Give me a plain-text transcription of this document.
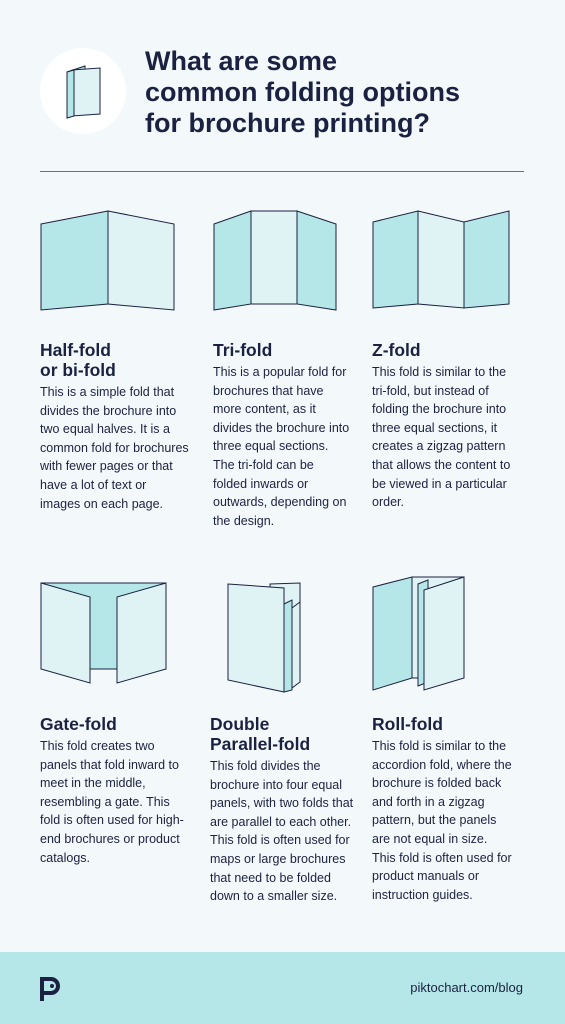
What are some
common folding options
for brochure printing?
Half-fold
or bi-fold

This is a simple fold that divides the brochure into two equal halves. It is a common fold for brochures with fewer pages or that have a lot of text or images on each page.

Tri-fold

This is a popular fold for brochures that have more content, as it divides the brochure into three equal sections. The tri-fold can be folded inwards or outwards, depending on the design.

Z-fold

This fold is similar to the tri-fold, but instead of folding the brochure into three equal sections, it creates a zigzag pattern that allows the content to be viewed in a particular order.

Gate-fold

This fold creates two panels that fold inward to meet in the middle, resembling a gate. This fold is often used for high-end brochures or product catalogs.

Double
Parallel-fold

This fold divides the brochure into four equal panels, with two folds that are parallel to each other. This fold is often used for maps or large brochures that need to be folded down to a smaller size.

Roll-fold

This fold is similar to the accordion fold, where the brochure is folded back and forth in a zigzag pattern, but the panels are not equal in size. This fold is often used for product manuals or instruction guides.

piktochart.com/blog
